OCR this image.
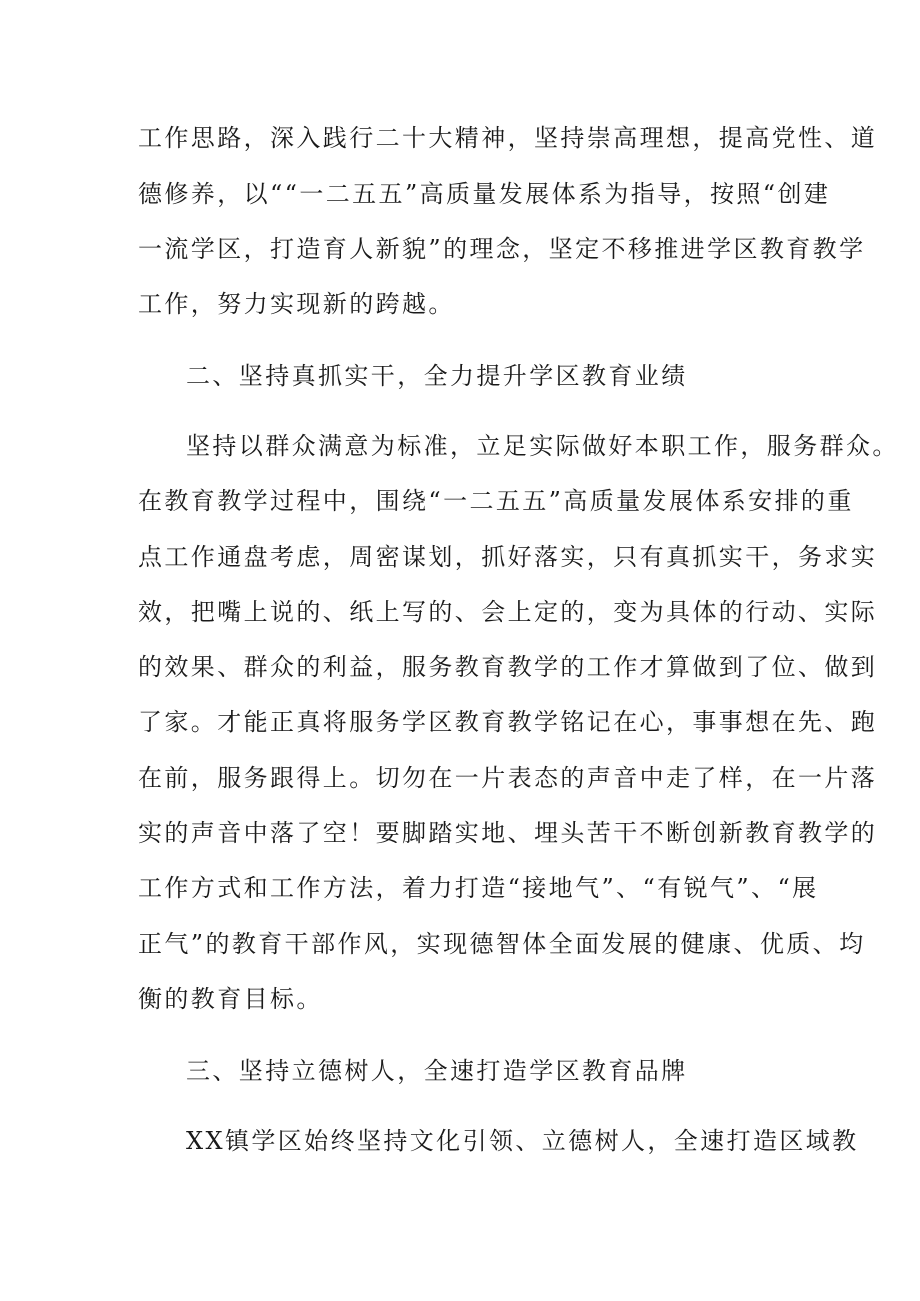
工作思路，深入践行二十大精神，坚持崇高理想，提高党性、道
德修养，以““一二五五”高质量发展体系为指导，按照“创建
一流学区，打造育人新貌”的理念，坚定不移推进学区教育教学
工作，努力实现新的跨越。
二、坚持真抓实干，全力提升学区教育业绩
坚持以群众满意为标准，立足实际做好本职工作，服务群众。
在教育教学过程中，围绕“一二五五”高质量发展体系安排的重
点工作通盘考虑，周密谋划，抓好落实，只有真抓实干，务求实
效，把嘴上说的、纸上写的、会上定的，变为具体的行动、实际
的效果、群众的利益，服务教育教学的工作才算做到了位、做到
了家。才能正真将服务学区教育教学铭记在心，事事想在先、跑
在前，服务跟得上。切勿在一片表态的声音中走了样，在一片落
实的声音中落了空！要脚踏实地、埋头苦干不断创新教育教学的
工作方式和工作方法，着力打造“接地气”、“有锐气”、“展
正气”的教育干部作风，实现德智体全面发展的健康、优质、均
衡的教育目标。
三、坚持立德树人，全速打造学区教育品牌
XX镇学区始终坚持文化引领、立德树人，全速打造区域教
